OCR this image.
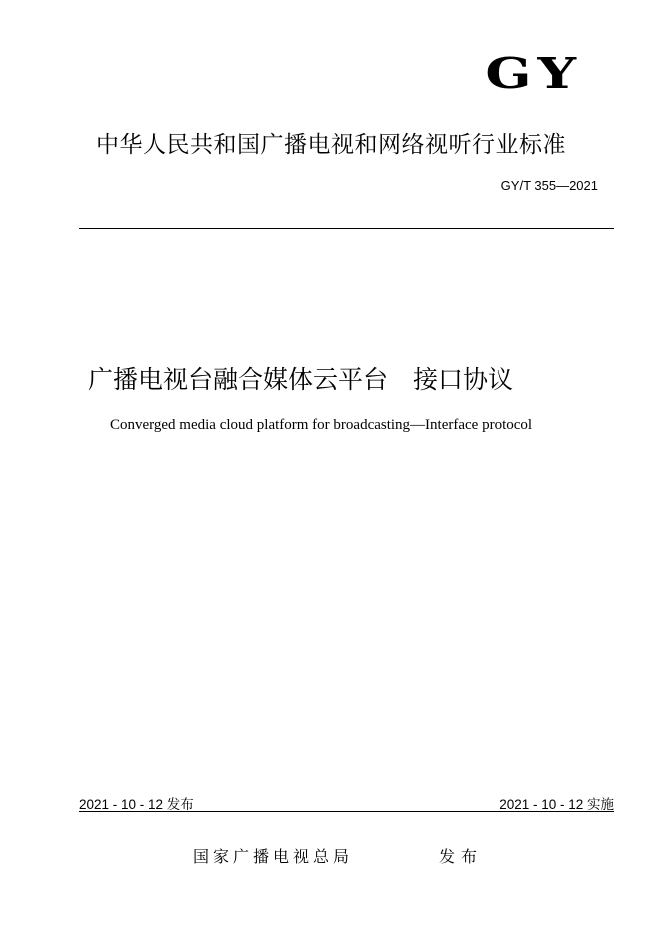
GY
中华人民共和国广播电视和网络视听行业标准
GY/T 355—2021
广播电视台融合媒体云平台　接口协议
Converged media cloud platform for broadcasting—Interface protocol
2021 - 10 - 12 发布	2021 - 10 - 12 实施
国家广播电视总局	发布
